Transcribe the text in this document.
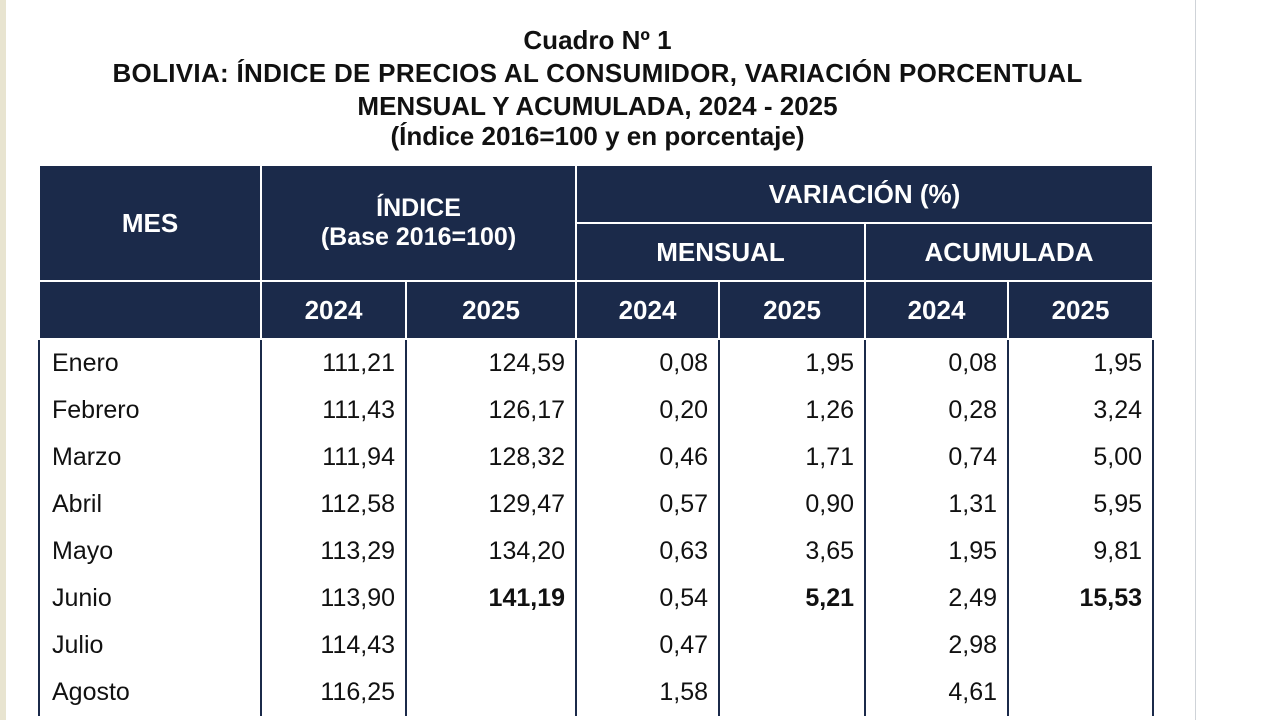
Cuadro Nº 1
BOLIVIA: ÍNDICE DE PRECIOS AL CONSUMIDOR, VARIACIÓN PORCENTUAL
MENSUAL Y ACUMULADA, 2024 - 2025
(Índice 2016=100 y en porcentaje)
MES	ÍNDICE
(Base 2016=100)		VARIACIÓN (%)			
			MENSUAL		ACUMULADA	
	2024	2025	2024	2025	2024	2025
Enero	111,21	124,59	0,08	1,95	0,08	1,95
Febrero	111,43	126,17	0,20	1,26	0,28	3,24
Marzo	111,94	128,32	0,46	1,71	0,74	5,00
Abril	112,58	129,47	0,57	0,90	1,31	5,95
Mayo	113,29	134,20	0,63	3,65	1,95	9,81
Junio	113,90	141,19	0,54	5,21	2,49	15,53
Julio	114,43		0,47		2,98	
Agosto	116,25		1,58		4,61	
